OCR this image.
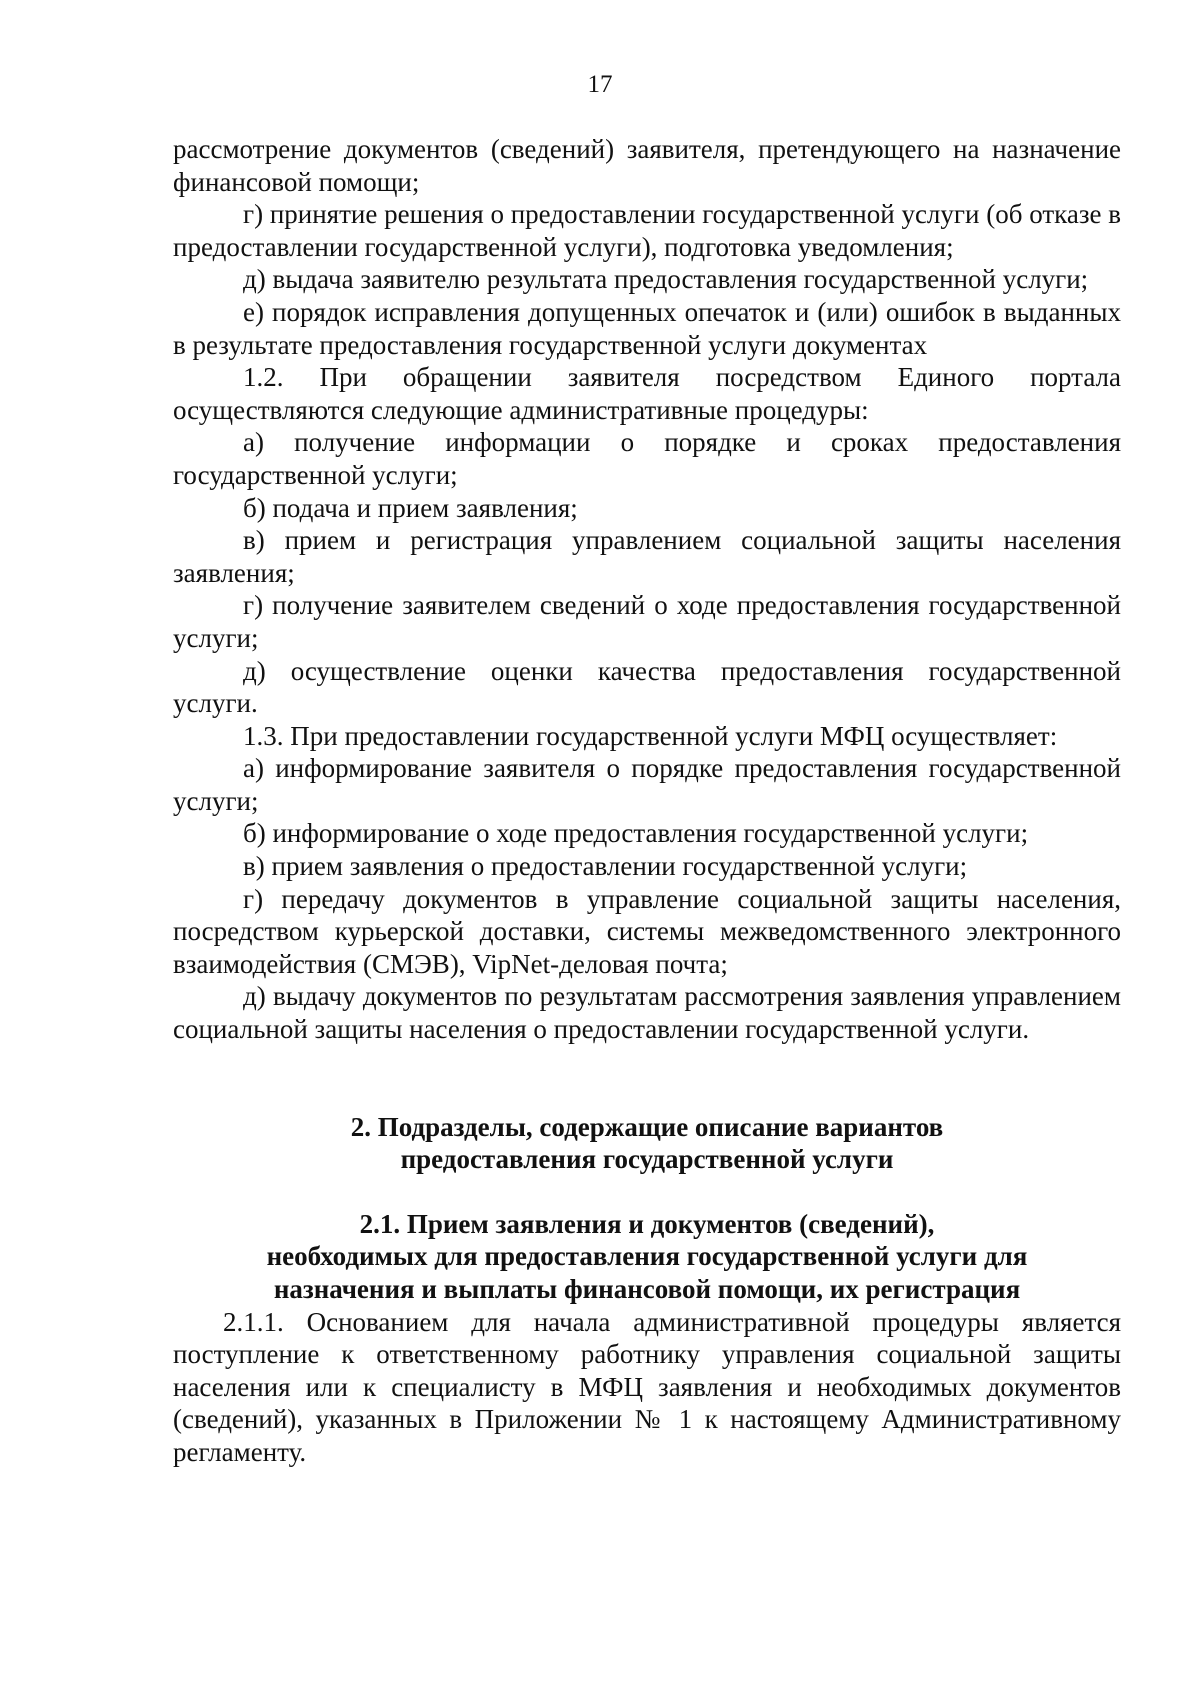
17

рассмотрение документов (сведений) заявителя, претендующего на назначение финансовой помощи;

г) принятие решения о предоставлении государственной услуги (об отказе в предоставлении государственной услуги), подготовка уведомления;

д) выдача заявителю результата предоставления государственной услуги;

е) порядок исправления допущенных опечаток и (или) ошибок в выданных в результате предоставления государственной услуги документах

1.2. При обращении заявителя посредством Единого портала осуществляются следующие административные процедуры:

а) получение информации о порядке и сроках предоставления государственной услуги;

б) подача и прием заявления;

в) прием и регистрация управлением социальной защиты населения заявления;

г) получение заявителем сведений о ходе предоставления государственной услуги;

д) осуществление оценки качества предоставления государственной услуги.

1.3. При предоставлении государственной услуги МФЦ осуществляет:

а) информирование заявителя о порядке предоставления государственной услуги;

б) информирование о ходе предоставления государственной услуги;

в) прием заявления о предоставлении государственной услуги;

г) передачу документов в управление социальной защиты населения, посредством курьерской доставки, системы межведомственного электронного взаимодействия (СМЭВ), VipNet-деловая почта;

д) выдачу документов по результатам рассмотрения заявления управлением социальной защиты населения о предоставлении государственной услуги.

2. Подразделы, содержащие описание вариантов

предоставления государственной услуги

2.1. Прием заявления и документов (сведений),

необходимых для предоставления государственной услуги для

назначения и выплаты финансовой помощи, их регистрация

2.1.1. Основанием для начала административной процедуры является поступление к ответственному работнику управления социальной защиты населения или к специалисту в МФЦ заявления и необходимых документов (сведений), указанных в Приложении № 1 к настоящему Административному регламенту.
